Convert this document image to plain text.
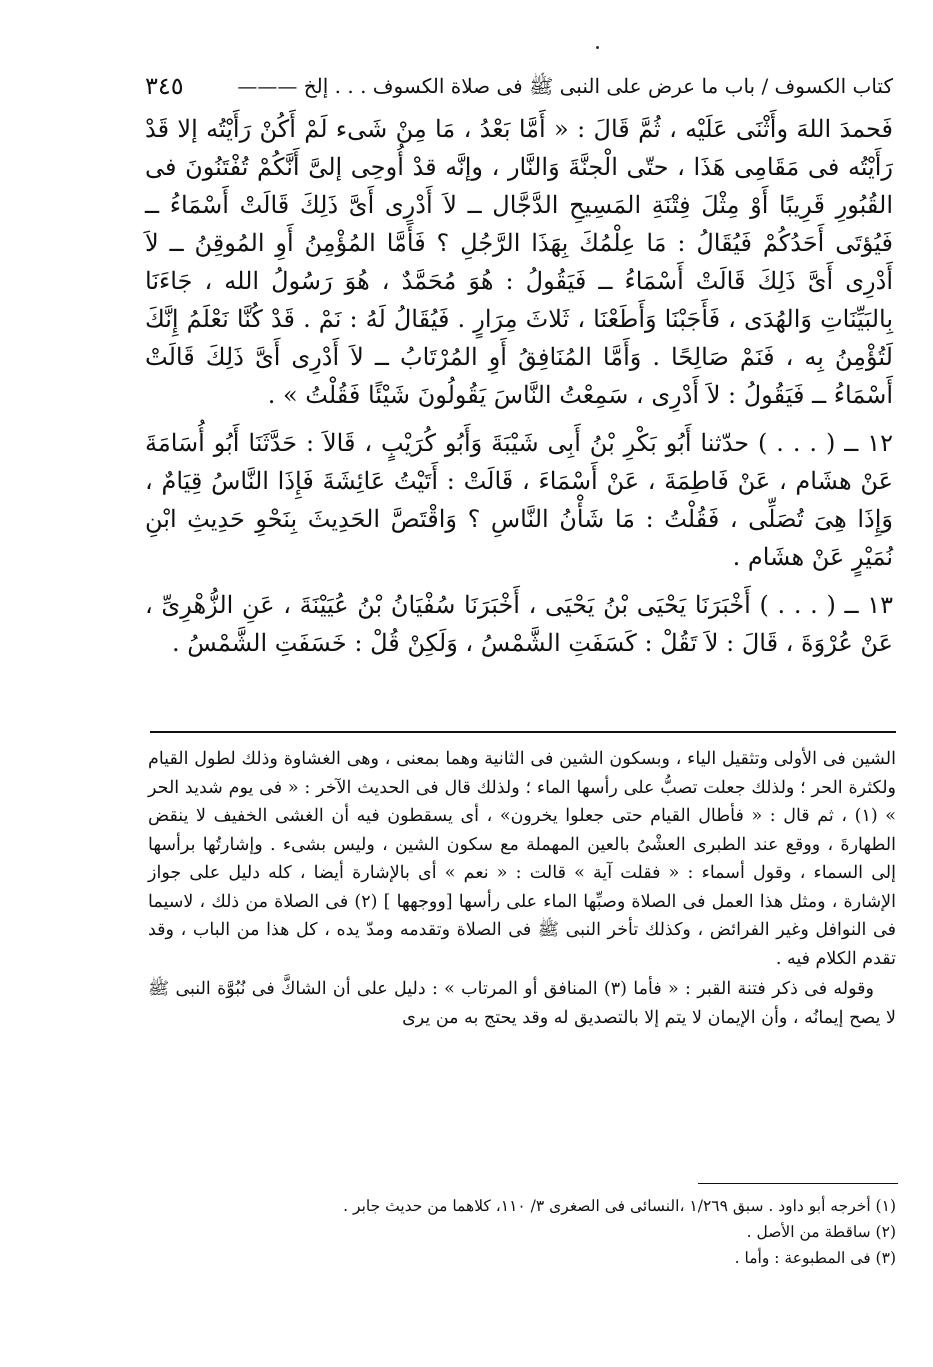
كتاب الكسوف / باب ما عرض على النبى ﷺ فى صلاة الكسوف . . . إلخ ———
٣٤٥

فَحمدَ اللهَ وأَثْنَى عَلَيْه ، ثُمَّ قَالَ : « أَمَّا بَعْدُ ، مَا مِنْ شَىء لَمْ أَكُنْ رَأَيْتُه إلا قَدْ رَأَيْتُه فى مَقَامِى هَذَا ، حتّى الْجنَّةَ وَالنَّار ، وإنَّه قدْ أُوحِى إلىَّ أَنَّكُمْ تُفْتَنُونَ فى القُبُورِ قَرِيبًا أَوْ مِثْلَ فِتْنَةِ المَسِيحِ الدَّجَّال ــ لاَ أَدْرِى أَىَّ ذَلِكَ قَالَتْ أَسْمَاءُ ــ فَيُؤتَى أَحَدُكُمْ فَيُقَالُ : مَا عِلْمُكَ بِهَذَا الرَّجُلِ ؟ فَأَمَّا المُؤْمِنُ أَوِ المُوقِنُ ــ لاَ أَدْرِى أَىَّ ذَلِكَ قَالَتْ أَسْمَاءُ ــ فَيَقُولُ : هُوَ مُحَمَّدٌ ، هُوَ رَسُولُ الله ، جَاءَنَا بِالبَيِّنَاتِ وَالهُدَى ، فَأَجَبْنَا وَأَطَعْنَا ، ثَلاثَ مِرَارٍ . فَيُقَالُ لَهُ : نَمْ . قَدْ كُنَّا نَعْلَمُ إِنَّكَ لَتُؤْمِنُ بِه ، فَنَمْ صَالِحًا . وَأَمَّا المُنَافِقُ أَوِ المُرْتَابُ ــ لاَ أَدْرِى أَىَّ ذَلِكَ قَالَتْ أَسْمَاءُ ــ فَيَقُولُ : لاَ أَدْرِى ، سَمِعْتُ النَّاسَ يَقُولُونَ شَيْئًا فَقُلْتُ » .

١٢ ــ ( . . . ) حدّثنا أَبُو بَكْرِ بْنُ أَبِى شَيْبَةَ وَأَبُو كُرَيْبٍ ، قَالاَ : حَدَّثَنَا أَبُو أُسَامَةَ عَنْ هشَام ، عَنْ فَاطِمَةَ ، عَنْ أَسْمَاءَ ، قَالَتْ : أَتَيْتُ عَائِشَةَ فَإِذَا النَّاسُ قِيَامٌ ، وَإِذَا هِىَ تُصَلِّى ، فَقُلْتُ : مَا شَأْنُ النَّاسِ ؟ وَاقْتَصَّ الحَدِيثَ بِنَحْوِ حَدِيثِ ابْنِ نُمَيْرٍ عَنْ هشَام .

١٣ ــ ( . . . ) أَخْبَرَنَا يَحْيَى بْنُ يَحْيَى ، أَخْبَرَنَا سُفْيَانُ بْنُ عُيَيْنَةَ ، عَنِ الزُّهْرِىِّ ، عَنْ عُرْوَةَ ، قَالَ : لاَ تَقُلْ : كَسَفَتِ الشَّمْسُ ، وَلَكِنْ قُلْ : خَسَفَتِ الشَّمْسُ .

الشين فى الأولى وتثقيل الياء ، وبسكون الشين فى الثانية وهما بمعنى ، وهى الغشاوة وذلك لطول القيام ولكثرة الحر ؛ ولذلك جعلت تصبُّ على رأسها الماء ؛ ولذلك قال فى الحديث الآخر : « فى يوم شديد الحر » (١) ، ثم قال : « فأطال القيام حتى جعلوا يخرون» ، أى يسقطون فيه أن الغشى الخفيف لا ينقض الطهارةَ ، ووقع عند الطبرى العشْىُ بالعين المهملة مع سكون الشين ، وليس بشىء . وإشارتُها برأسها إلى السماء ، وقول أسماء : « فقلت آية » قالت : « نعم » أى بالإشارة أيضا ، كله دليل على جواز الإشارة ، ومثل هذا العمل فى الصلاة وصبِّها الماء على رأسها [ووجهها ] (٢) فى الصلاة من ذلك ، لاسيما فى النوافل وغير الفرائض ، وكذلك تأخر النبى ﷺ فى الصلاة وتقدمه ومدّ يده ، كل هذا من الباب ، وقد تقدم الكلام فيه .

وقوله فى ذكر فتنة القبر : « فأما (٣) المنافق أو المرتاب » : دليل على أن الشاكَّ فى نُبُوَّة النبى ﷺ لا يصح إيمانُه ، وأن الإيمان لا يتم إلا بالتصديق له وقد يحتج به من يرى

(١) أخرجه أبو داود . سبق ١/٢٦٩ ،النسائى فى الصغرى ٣/ ١١٠، كلاهما من حديث جابر .

(٢) ساقطة من الأصل .

(٣) فى المطبوعة : وأما .
